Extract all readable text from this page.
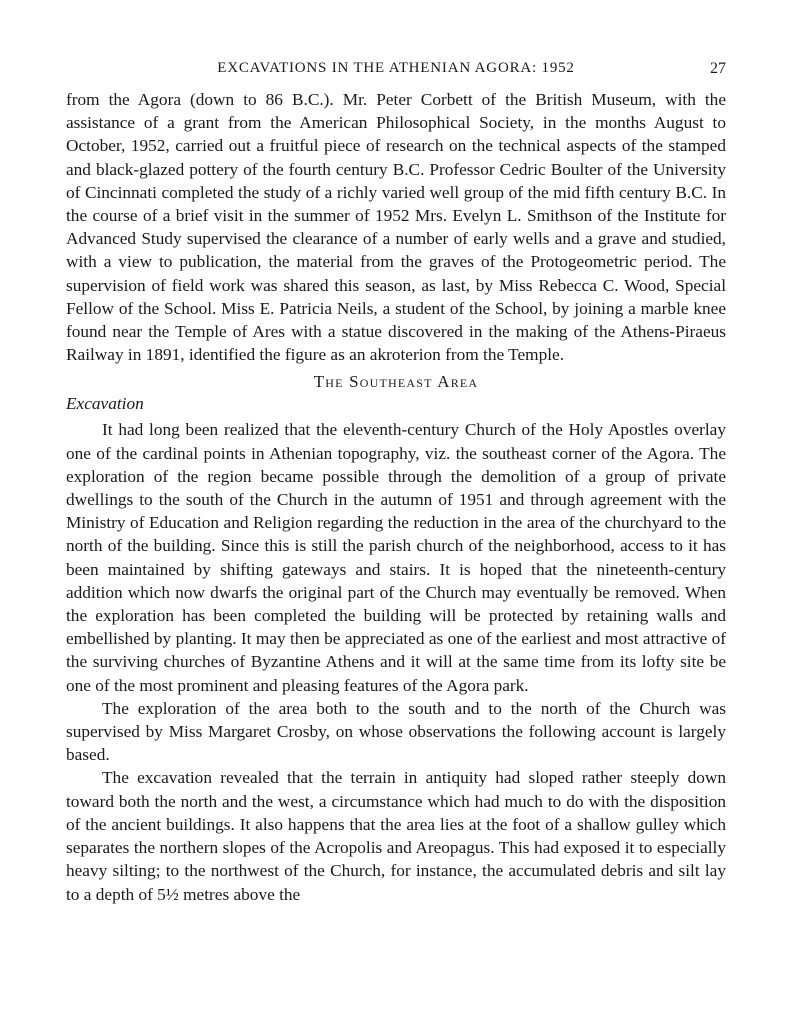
EXCAVATIONS IN THE ATHENIAN AGORA: 1952	27

from the Agora (down to 86 B.C.). Mr. Peter Corbett of the British Museum, with the assistance of a grant from the American Philosophical Society, in the months August to October, 1952, carried out a fruitful piece of research on the technical aspects of the stamped and black-glazed pottery of the fourth century B.C. Professor Cedric Boulter of the University of Cincinnati completed the study of a richly varied well group of the mid fifth century B.C. In the course of a brief visit in the summer of 1952 Mrs. Evelyn L. Smithson of the Institute for Advanced Study supervised the clearance of a number of early wells and a grave and studied, with a view to publication, the material from the graves of the Protogeometric period. The supervision of field work was shared this season, as last, by Miss Rebecca C. Wood, Special Fellow of the School. Miss E. Patricia Neils, a student of the School, by joining a marble knee found near the Temple of Ares with a statue discovered in the making of the Athens-Piraeus Railway in 1891, identified the figure as an akroterion from the Temple.

The Southeast Area
Excavation

It had long been realized that the eleventh-century Church of the Holy Apostles overlay one of the cardinal points in Athenian topography, viz. the southeast corner of the Agora. The exploration of the region became possible through the demolition of a group of private dwellings to the south of the Church in the autumn of 1951 and through agreement with the Ministry of Education and Religion regarding the reduction in the area of the churchyard to the north of the building. Since this is still the parish church of the neighborhood, access to it has been maintained by shifting gateways and stairs. It is hoped that the nineteenth-century addition which now dwarfs the original part of the Church may eventually be removed. When the exploration has been completed the building will be protected by retaining walls and embellished by planting. It may then be appreciated as one of the earliest and most attractive of the surviving churches of Byzantine Athens and it will at the same time from its lofty site be one of the most prominent and pleasing features of the Agora park.

The exploration of the area both to the south and to the north of the Church was supervised by Miss Margaret Crosby, on whose observations the following account is largely based.

The excavation revealed that the terrain in antiquity had sloped rather steeply down toward both the north and the west, a circumstance which had much to do with the disposition of the ancient buildings. It also happens that the area lies at the foot of a shallow gulley which separates the northern slopes of the Acropolis and Areopagus. This had exposed it to especially heavy silting; to the northwest of the Church, for instance, the accumulated debris and silt lay to a depth of 5½ metres above the
